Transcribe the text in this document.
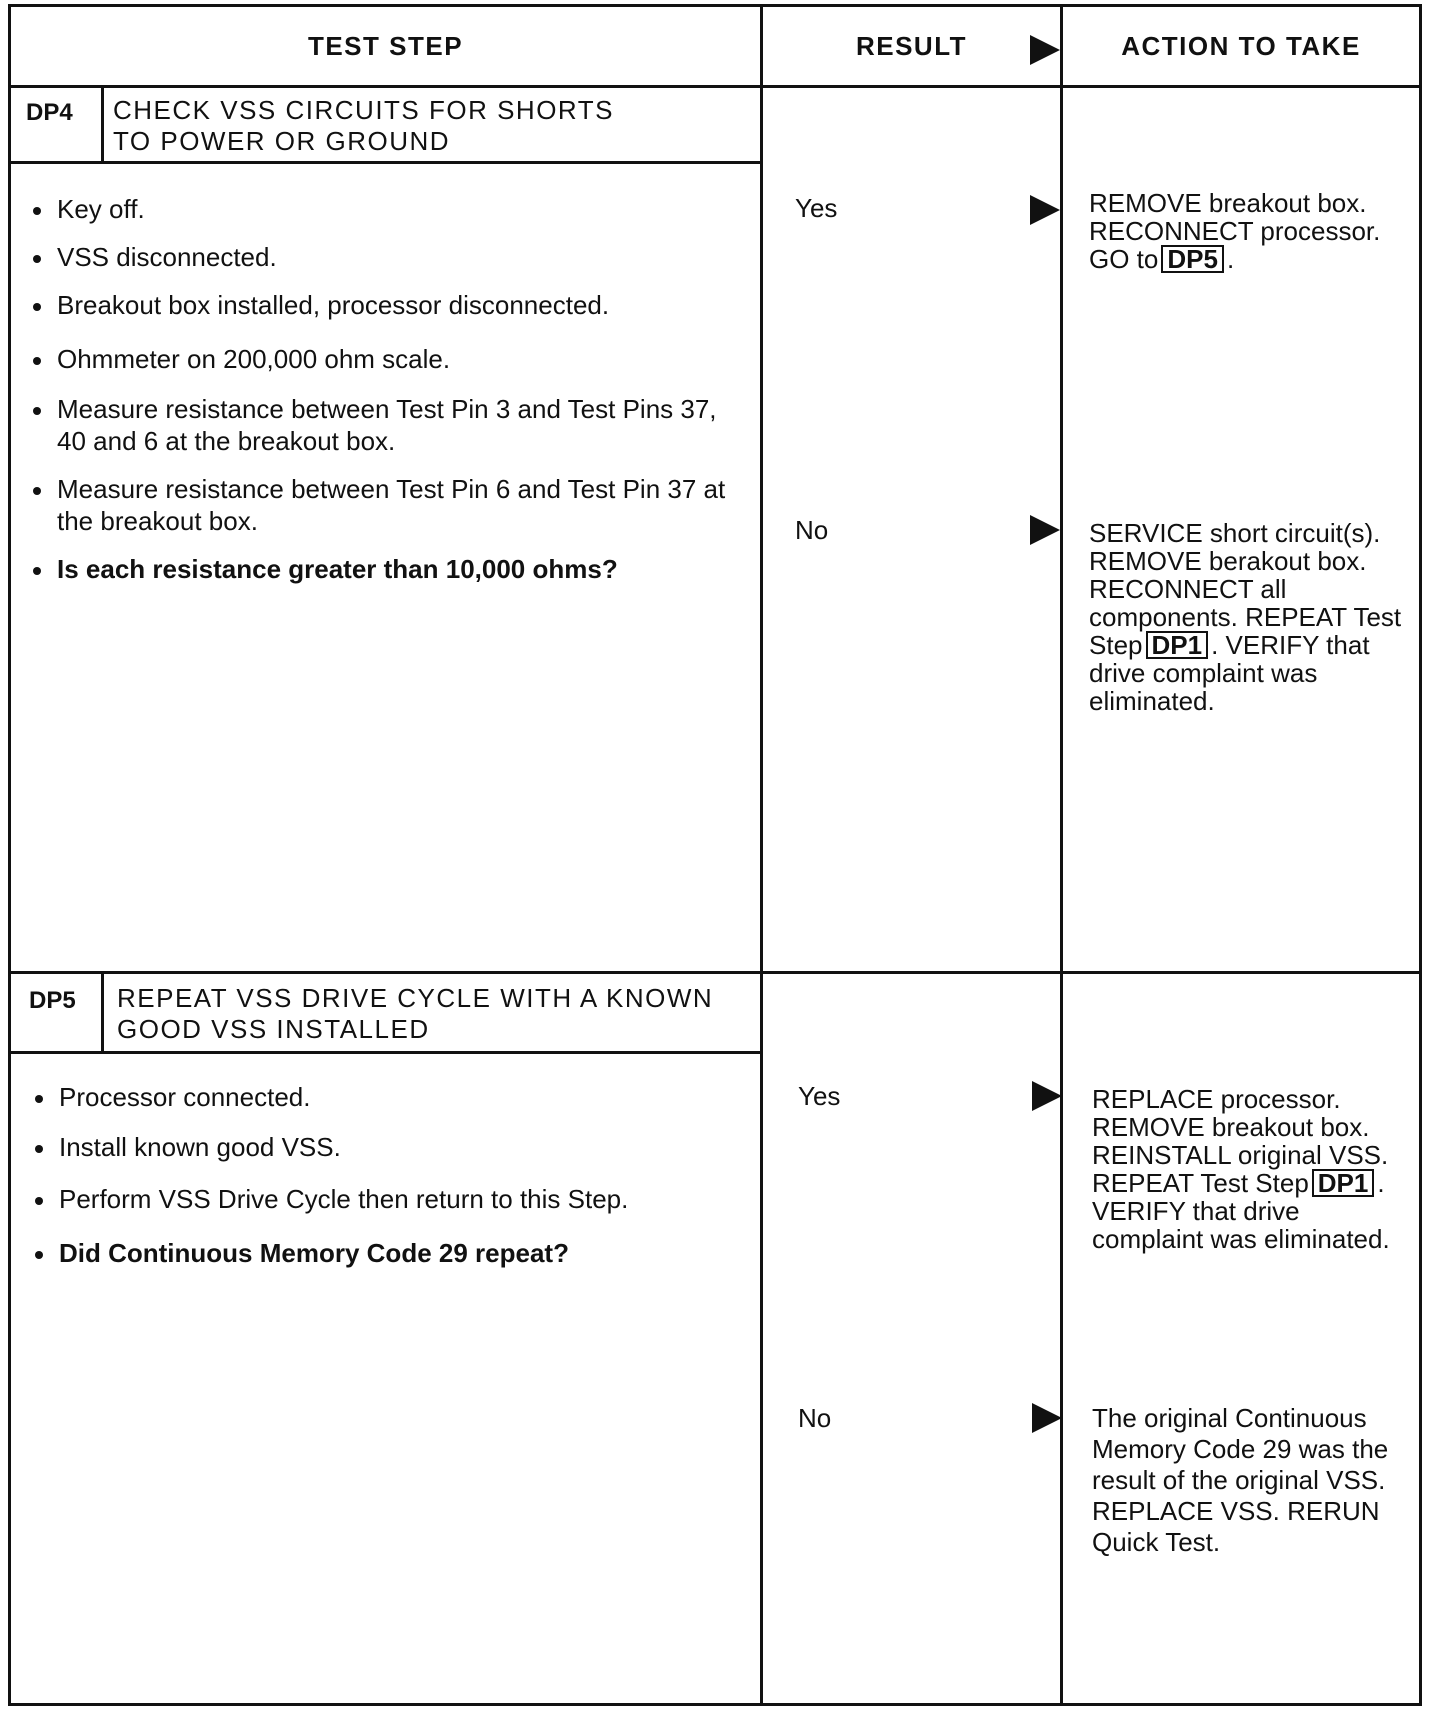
TEST STEP	RESULT	ACTION TO TAKE
DP4 CHECK VSS CIRCUITS FOR SHORTS
TO POWER OR GROUND
Key off.
VSS disconnected.
Breakout box installed, processor disconnected.
Ohmmeter on 200,000 ohm scale.
Measure resistance between Test Pin 3 and Test Pins 37, 40 and 6 at the breakout box.
Measure resistance between Test Pin 6 and Test Pin 37 at the breakout box.
Is each resistance greater than 10,000 ohms?
Yes	REMOVE breakout box. RECONNECT processor. GO to DP5 .
No	SERVICE short circuit(s). REMOVE berakout box. RECONNECT all components. REPEAT Test Step DP1 . VERIFY that drive complaint was eliminated.
DP5 REPEAT VSS DRIVE CYCLE WITH A KNOWN
GOOD VSS INSTALLED
Processor connected.
Install known good VSS.
Perform VSS Drive Cycle then return to this Step.
Did Continuous Memory Code 29 repeat?
Yes	REPLACE processor. REMOVE breakout box. REINSTALL original VSS. REPEAT Test Step DP1 . VERIFY that drive complaint was eliminated.
No	The original Continuous Memory Code 29 was the result of the original VSS. REPLACE VSS. RERUN Quick Test.
